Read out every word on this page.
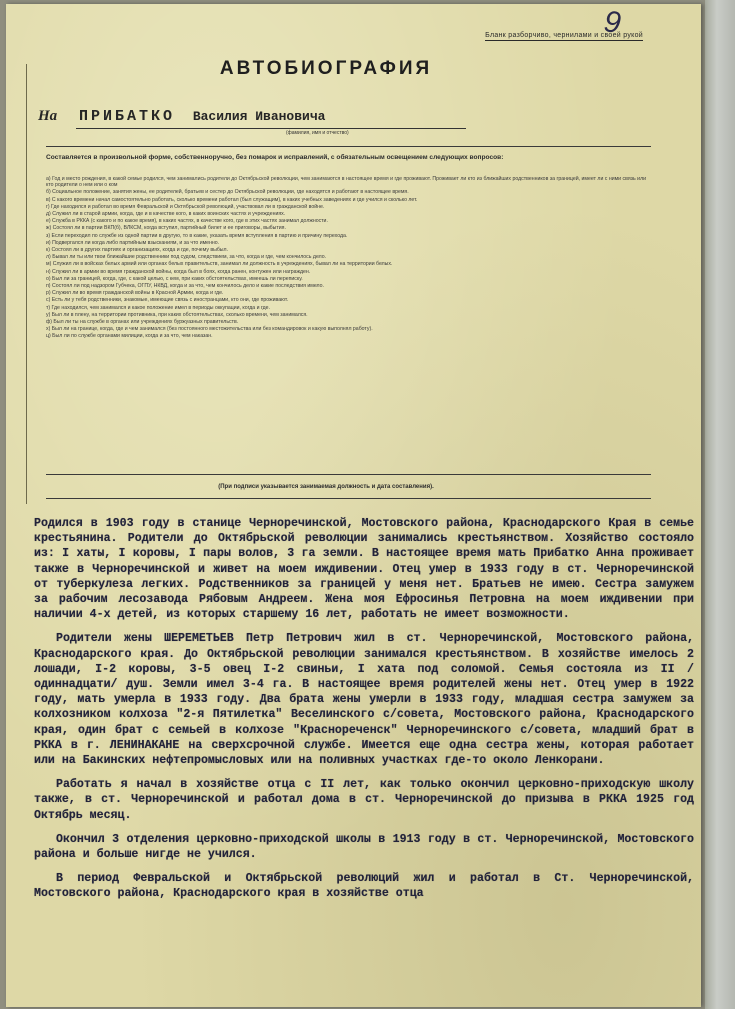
9
Бланк разборчиво, чернилами и своей рукой
АВТОБИОГРАФИЯ
На ПРИБАТКО Василия Ивановича
(фамилия, имя и отчество)
Составляется в произвольной форме, собственноручно, без помарок и исправлений, с обязательным освещением следующих вопросов:
а) Год и место рождения, в какой семье родился, чем занимались родители до Октябрьской революции, чем занимаются в настоящее время и где проживают. Проживает ли кто из ближайших родственников за границей, имеет ли с ними связь или кто родители о нем или о ком
б) Социальное положение, занятия жены, ее родителей, братьев и сестер до Октябрьской революции, где находятся и работают в настоящее время.
в) С какого времени начал самостоятельно работать, сколько времени работал (был служащим), в каких учебных заведениях и где учился и сколько лет.
г) Где находился и работал во время Февральской и Октябрьской революций, участвовал ли в гражданской войне.
д) Служил ли в старой армии, когда, где и в качестве кого, в каких воинских частях и учреждениях.
е) Служба в РККА (с какого и по какое время), в каких частях, в качестве кого, где в этих частях занимал должности.
ж) Состоял ли в партии ВКП(б), ВЛКСМ, когда вступил, партийный билет и ее приговоры, выбытия.
з) Если переходил по службе из одной партии в другую, то в какие, указать время вступления в партию и причину перехода.
и) Подвергался ли когда либо партийным взысканиям, и за что именно.
к) Состоял ли в других партиях и организациях, когда и где, почему выбыл.
л) Бывал ли ты или твои ближайшие родственники под судом, следствием, за что, когда и где, чем кончилось дело.
м) Служил ли в войсках белых армий или органах белых правительств, занимал ли должность в учреждениях, бывал ли на территории белых.
н) Служил ли в армии во время гражданской войны, когда был в боях, когда ранен, контужен или награжден.
о) Был ли за границей, когда, где, с какой целью, с кем, при каких обстоятельствах, имеешь ли переписку.
п) Состоял ли под надзором Губчека, ОГПУ, НКВД, когда и за что, чем кончилось дело и какие последствия имело.
р) Служил ли во время гражданской войны в Красной Армии, когда и где.
с) Есть ли у тебя родственники, знакомые, имеющие связь с иностранцами, кто они, где проживают.
т) Где находился, чем занимался и какое положение имел в периоды оккупации, когда и где.
у) Был ли в плену, на территории противника, при каких обстоятельствах, сколько времени, чем занимался.
ф) Был ли ты на службе в органах или учреждениях буржуазных правительств.
х) Был ли на границе, когда, где и чем занимался (без постоянного местожительства или без командировок и какую выполнял работу).
ц) Был ли по службе органами милиции, когда и за что, чем наказан.
(При подписи указывается занимаемая должность и дата составления).

Родился в 1903 году в станице Черноречинской, Мостовского района, Краснодарского Края в семье крестьянина. Родители до Октябрьской революции занимались крестьянством. Хозяйство состояло из: I хаты, I коровы, I пары волов, 3 га земли. В настоящее время мать Прибатко Анна проживает также в Черноречинской и живет на моем иждивении. Отец умер в 1933 году в ст. Черноречинской от туберкулеза легких. Родственников за границей у меня нет. Братьев не имею. Сестра замужем за рабочим лесозавода Рябовым Андреем. Жена моя Ефросинья Петровна на моем иждивении при наличии 4-х детей, из которых старшему 16 лет, работать не имеет возможности.

Родители жены ШЕРЕМЕТЬЕВ Петр Петрович жил в ст. Черноречинской, Мостовского района, Краснодарского края. До Октябрьской революции занимался крестьянством. В хозяйстве имелось 2 лошади, I-2 коровы, 3-5 овец I-2 свиньи, I хата под соломой. Семья состояла из II /одиннадцати/ душ. Земли имел 3-4 га. В настоящее время родителей жены нет. Отец умер в 1922 году, мать умерла в 1933 году. Два брата жены умерли в 1933 году, младшая сестра замужем за колхозником колхоза "2-я Пятилетка" Веселинского с/совета, Мостовского района, Краснодарского края, один брат с семьей в колхозе "Краснореченск" Черноречинского с/совета, младший брат в РККА в г. ЛЕНИНАКАНЕ на сверхсрочной службе. Имеется еще одна сестра жены, которая работает или на Бакинских нефтепромысловых или на поливных участках где-то около Ленкорани.

Работать я начал в хозяйстве отца с II лет, как только окончил церковно-приходскую школу также, в ст. Черноречинской и работал дома в ст. Черноречинской до призыва в РККА 1925 год Октябрь месяц.

Окончил 3 отделения церковно-приходской школы в 1913 году в ст. Черноречинской, Мостовского района и больше нигде не учился.

В период Февральской и Октябрьской революций жил и работал в Ст. Черноречинской, Мостовского района, Краснодарского края в хозяйстве отца
